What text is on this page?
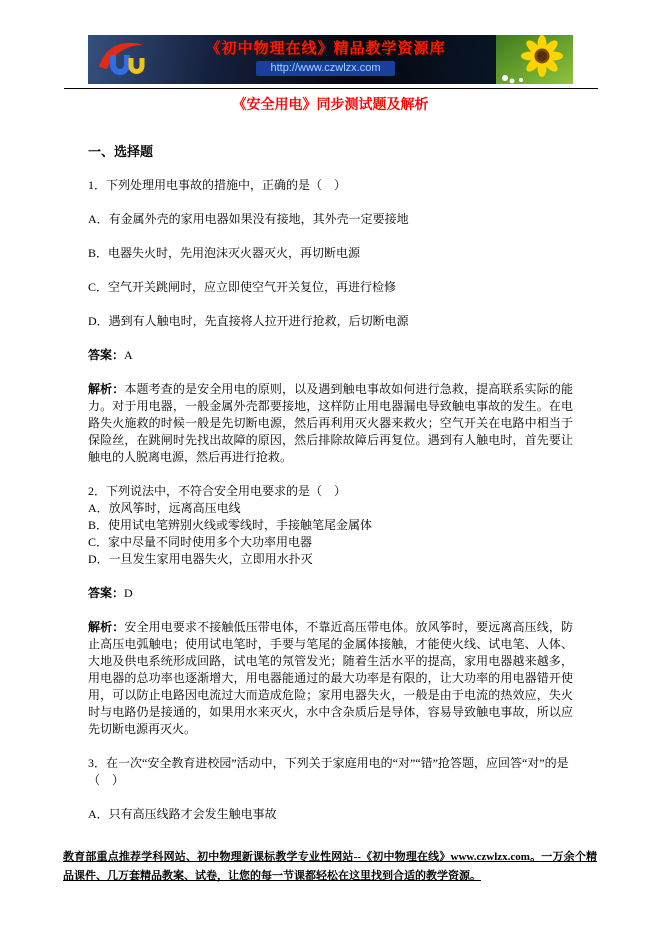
《初中物理在线》精品教学资源库
http://www.czwlzx.com
《安全用电》同步测试题及解析

一、选择题

1．下列处理用电事故的措施中，正确的是（　）

A．有金属外壳的家用电器如果没有接地，其外壳一定要接地

B．电器失火时，先用泡沫灭火器灭火，再切断电源

C．空气开关跳闸时，应立即使空气开关复位，再进行检修

D．遇到有人触电时，先直接将人拉开进行抢救，后切断电源

答案：A

解析：本题考查的是安全用电的原则，以及遇到触电事故如何进行急救，提高联系实际的能力。对于用电器，一般金属外壳都要接地，这样防止用电器漏电导致触电事故的发生。在电路失火施救的时候一般是先切断电源，然后再利用灭火器来救火；空气开关在电路中相当于保险丝，在跳闸时先找出故障的原因，然后排除故障后再复位。遇到有人触电时，首先要让触电的人脱离电源，然后再进行抢救。

2．下列说法中，不符合安全用电要求的是（　）

A．放风筝时，远离高压电线

B．使用试电笔辨别火线或零线时，手接触笔尾金属体

C．家中尽量不同时使用多个大功率用电器

D．一旦发生家用电器失火，立即用水扑灭

答案：D

解析：安全用电要求不接触低压带电体，不靠近高压带电体。放风筝时，要远离高压线，防止高压电弧触电；使用试电笔时，手要与笔尾的金属体接触，才能使火线、试电笔、人体、大地及供电系统形成回路，试电笔的氖管发光；随着生活水平的提高，家用电器越来越多，用电器的总功率也逐渐增大，用电器能通过的最大功率是有限的，让大功率的用电器错开使用，可以防止电路因电流过大而造成危险；家用电器失火，一般是由于电流的热效应，失火时与电路仍是接通的，如果用水来灭火，水中含杂质后是导体，容易导致触电事故，所以应先切断电源再灭火。

3．在一次“安全教育进校园”活动中，下列关于家庭用电的“对”“错”抢答题，应回答“对”的是（　）

A．只有高压线路才会发生触电事故

教育部重点推荐学科网站、初中物理新课标教学专业性网站--《初中物理在线》www.czwlzx.com。一万余个精品课件、几万套精品教案、试卷，让您的每一节课都轻松在这里找到合适的教学资源。
